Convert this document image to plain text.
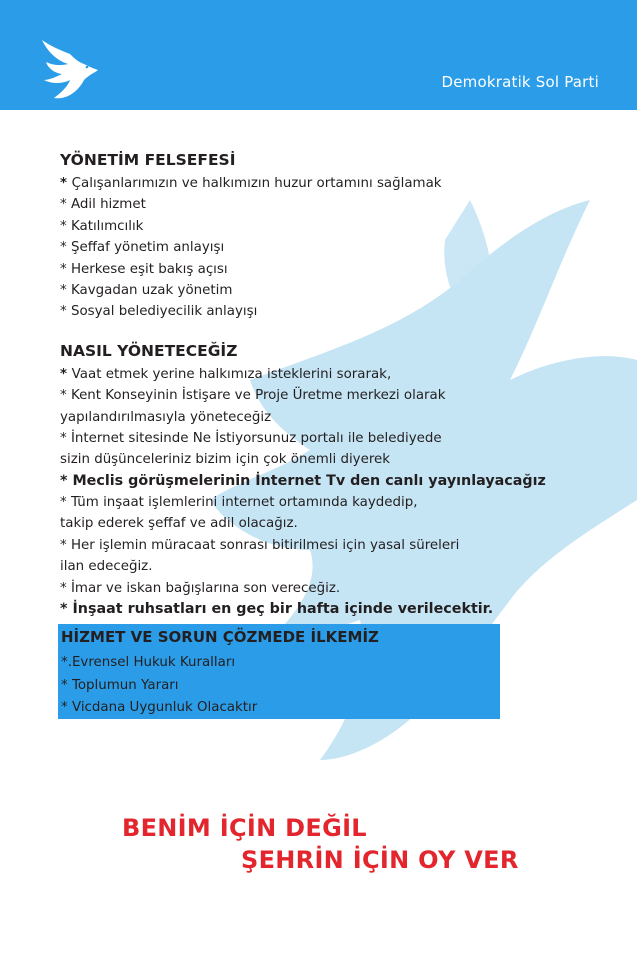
Demokratik Sol Parti
YÖNETİM FELSEFESİ
* Çalışanlarımızın ve halkımızın huzur ortamını sağlamak
* Adil hizmet
* Katılımcılık
* Şeffaf yönetim anlayışı
* Herkese eşit bakış açısı
* Kavgadan uzak yönetim
* Sosyal belediyecilik anlayışı
NASIL YÖNETECEĞİZ
* Vaat etmek yerine halkımıza isteklerini sorarak,
* Kent Konseyinin İstişare ve Proje Üretme merkezi olarak
yapılandırılmasıyla yöneteceğiz
* İnternet sitesinde Ne İstiyorsunuz portalı ile belediyede
sizin düşünceleriniz bizim için çok önemli diyerek
* Meclis görüşmelerinin İnternet Tv den canlı yayınlayacağız
* Tüm inşaat işlemlerini internet ortamında kaydedip,
takip ederek şeffaf ve adil olacağız.
* Her işlemin müracaat sonrası bitirilmesi için yasal süreleri
ilan edeceğiz.
* İmar ve iskan bağışlarına son vereceğiz.
* İnşaat ruhsatları en geç bir hafta içinde verilecektir.
HİZMET VE SORUN ÇÖZMEDE İLKEMİZ
*.Evrensel Hukuk Kuralları
* Toplumun Yararı
* Vicdana Uygunluk Olacaktır
BENİM İÇİN DEĞİL
ŞEHRİN İÇİN OY VER
